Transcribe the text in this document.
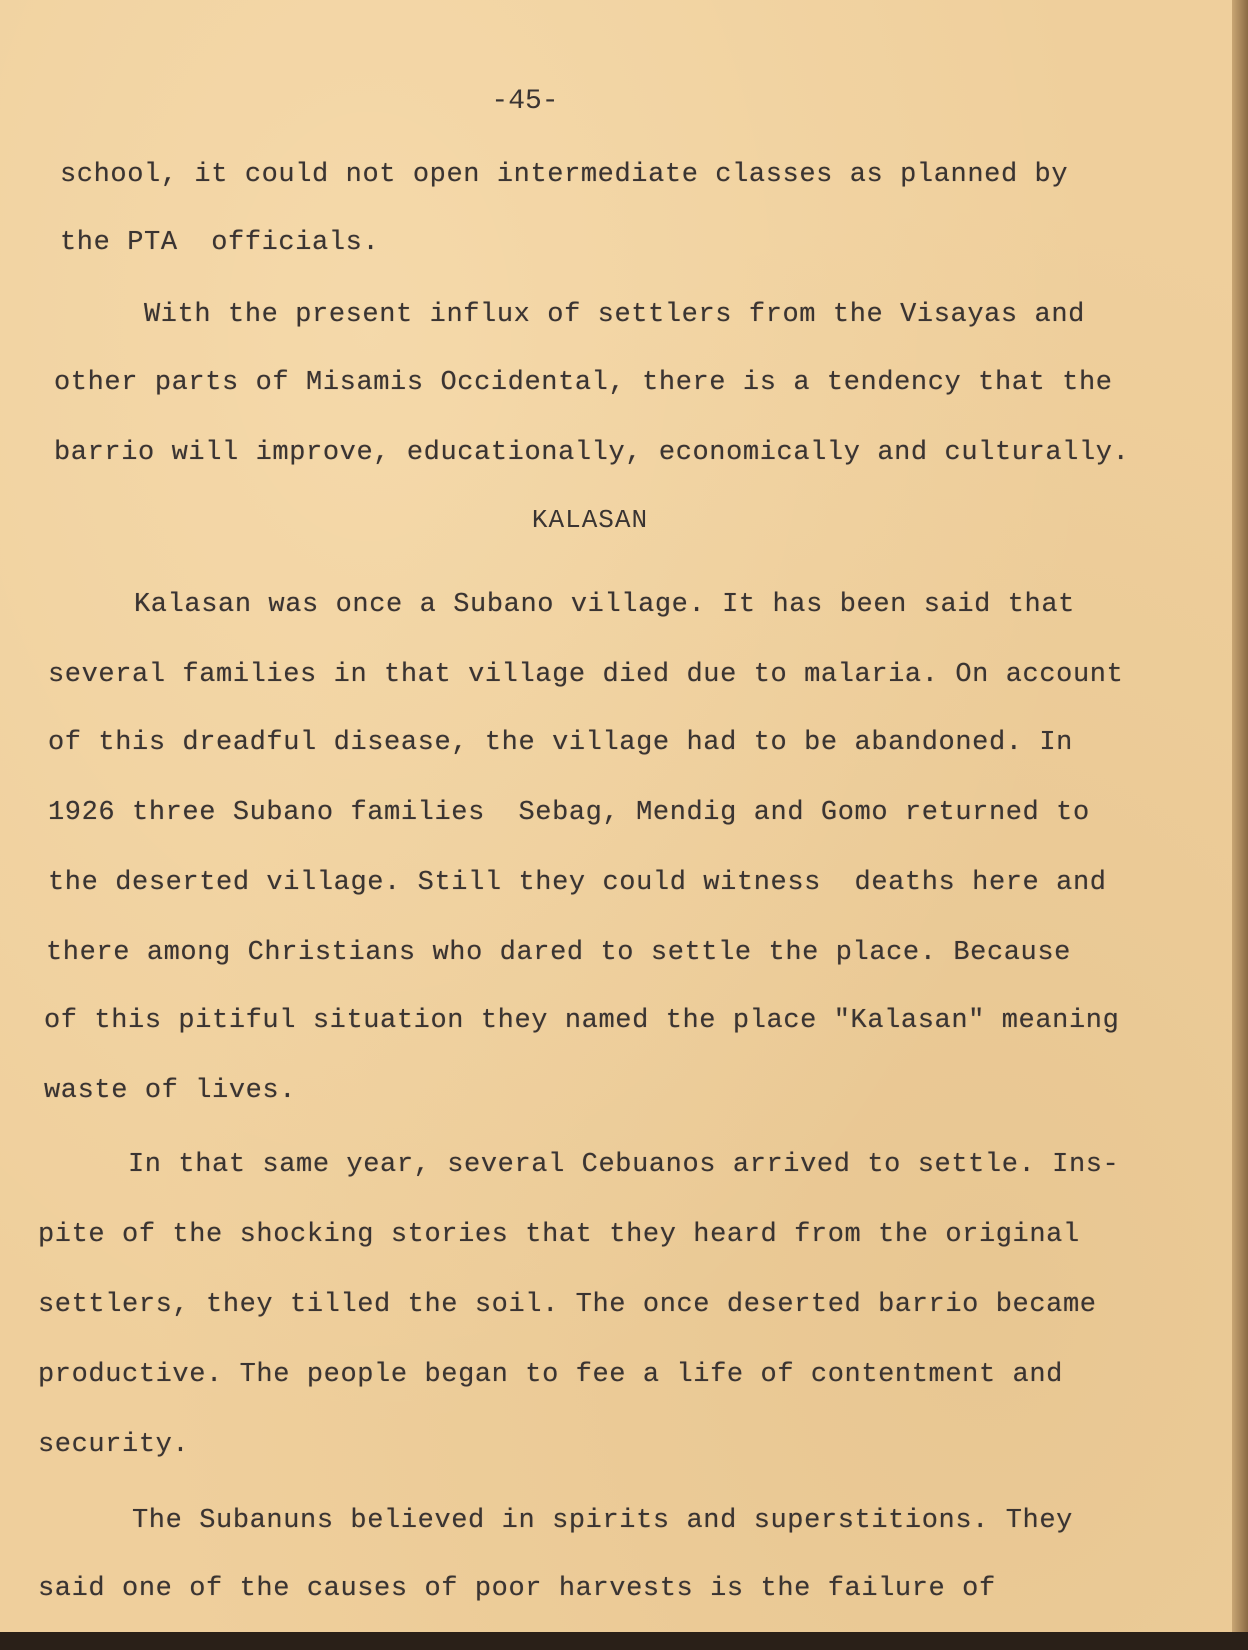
-45-
school, it could not open intermediate classes as planned by
the PTA  officials.
With the present influx of settlers from the Visayas and
other parts of Misamis Occidental, there is a tendency that the
barrio will improve, educationally, economically and culturally.
KALASAN
Kalasan was once a Subano village. It has been said that
several families in that village died due to malaria. On account
of this dreadful disease, the village had to be abandoned. In
1926 three Subano families  Sebag, Mendig and Gomo returned to
the deserted village. Still they could witness  deaths here and
there among Christians who dared to settle the place. Because
of this pitiful situation they named the place "Kalasan" meaning
waste of lives.
In that same year, several Cebuanos arrived to settle. Ins-
pite of the shocking stories that they heard from the original
settlers, they tilled the soil. The once deserted barrio became
productive. The people began to fee a life of contentment and
security.
The Subanuns believed in spirits and superstitions. They
said one of the causes of poor harvests is the failure of
